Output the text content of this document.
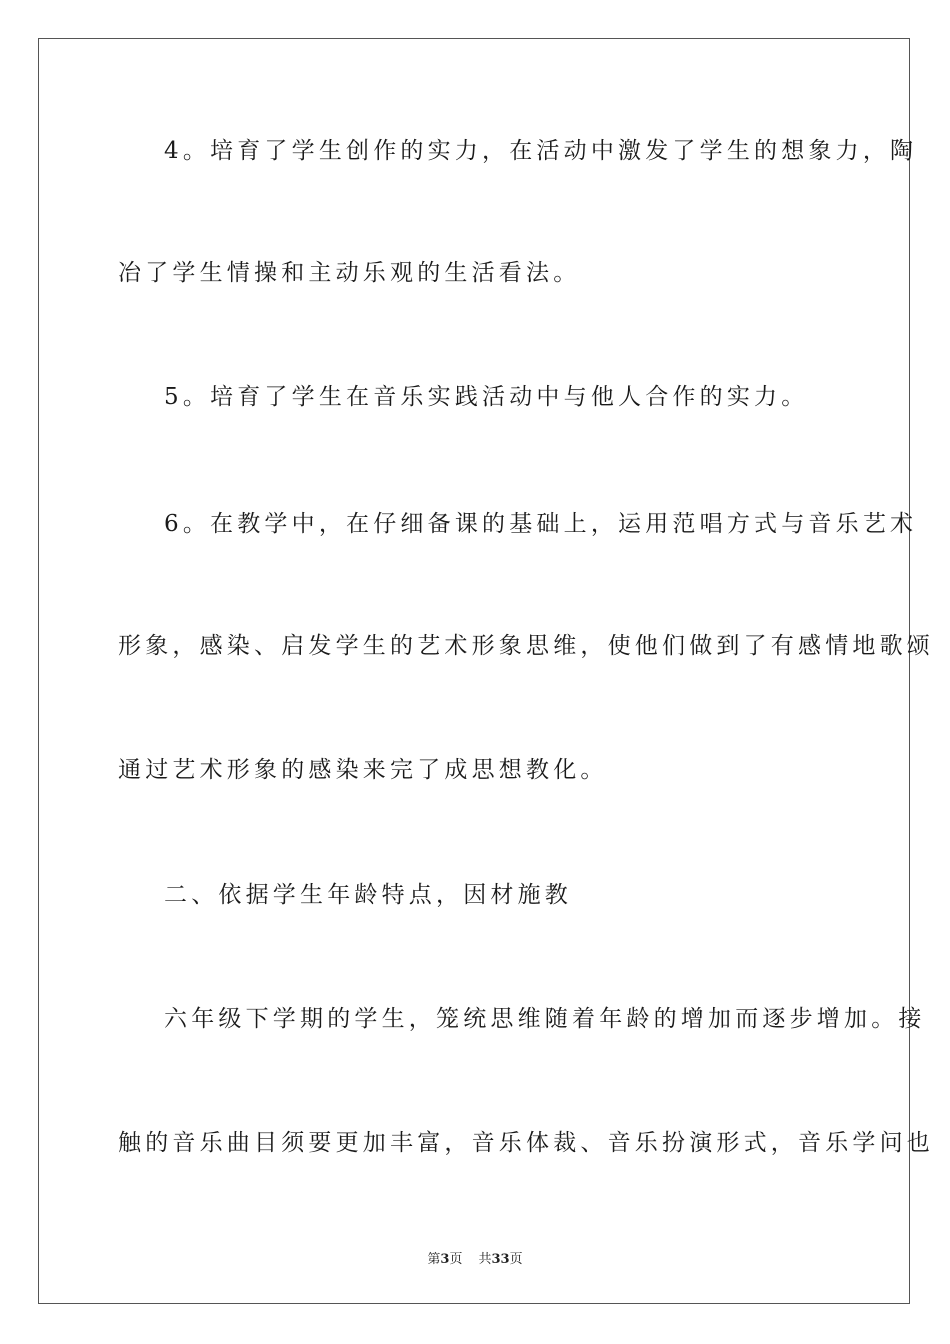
4。培育了学生创作的实力，在活动中激发了学生的想象力，陶
冶了学生情操和主动乐观的生活看法。
5。培育了学生在音乐实践活动中与他人合作的实力。
6。在教学中，在仔细备课的基础上，运用范唱方式与音乐艺术
形象，感染、启发学生的艺术形象思维，使他们做到了有感情地歌颂
通过艺术形象的感染来完了成思想教化。
二、依据学生年龄特点，因材施教
六年级下学期的学生，笼统思维随着年龄的增加而逐步增加。接
触的音乐曲目须要更加丰富，音乐体裁、音乐扮演形式，音乐学问也
第3页 共33页
